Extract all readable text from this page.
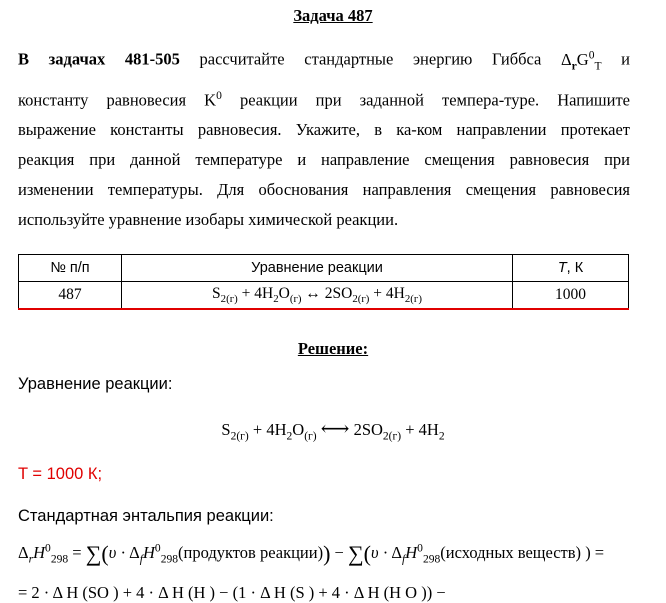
Задача 487
В задачах 481-505 рассчитайте стандартные энергию Гиббса $\Delta_rG^0_T$ и
константу равновесия $K^0$ реакции при заданной темпера-туре. Напишите
выражение константы равновесия. Укажите, в ка-ком направлении протекает
реакция при данной температуре и направление смещения равновесия при
изменении температуры. Для обоснования направления смещения равновесия
используйте уравнение изобары химической реакции.
№ п/п	Уравнение реакции	T, К
487	$S_{2(г)} + 4H_2O_{(г)}$ ↔ $2SO_{2(г)} + 4H_{2(г)}$	1000
Решение:
Уравнение реакции:
$S_{2(г)} + 4H_2O_{(г)}$ ⟷ $2SO_{2(г)} + 4H_2$
T = 1000 К;
Стандартная энтальпия реакции:
$\Delta_rH^0_{298} = \sum(\upsilon$ · $\Delta_fH^0_{298}(продуктов$ реакции)) − $\sum(\upsilon \cdot \Delta_fH^0_{298}(исходных$ веществ) ) =
= 2 · Δ H (SO ) + 4 · Δ H (H ) − (1 · Δ H (S ) + 4 · Δ H (H O )) −
